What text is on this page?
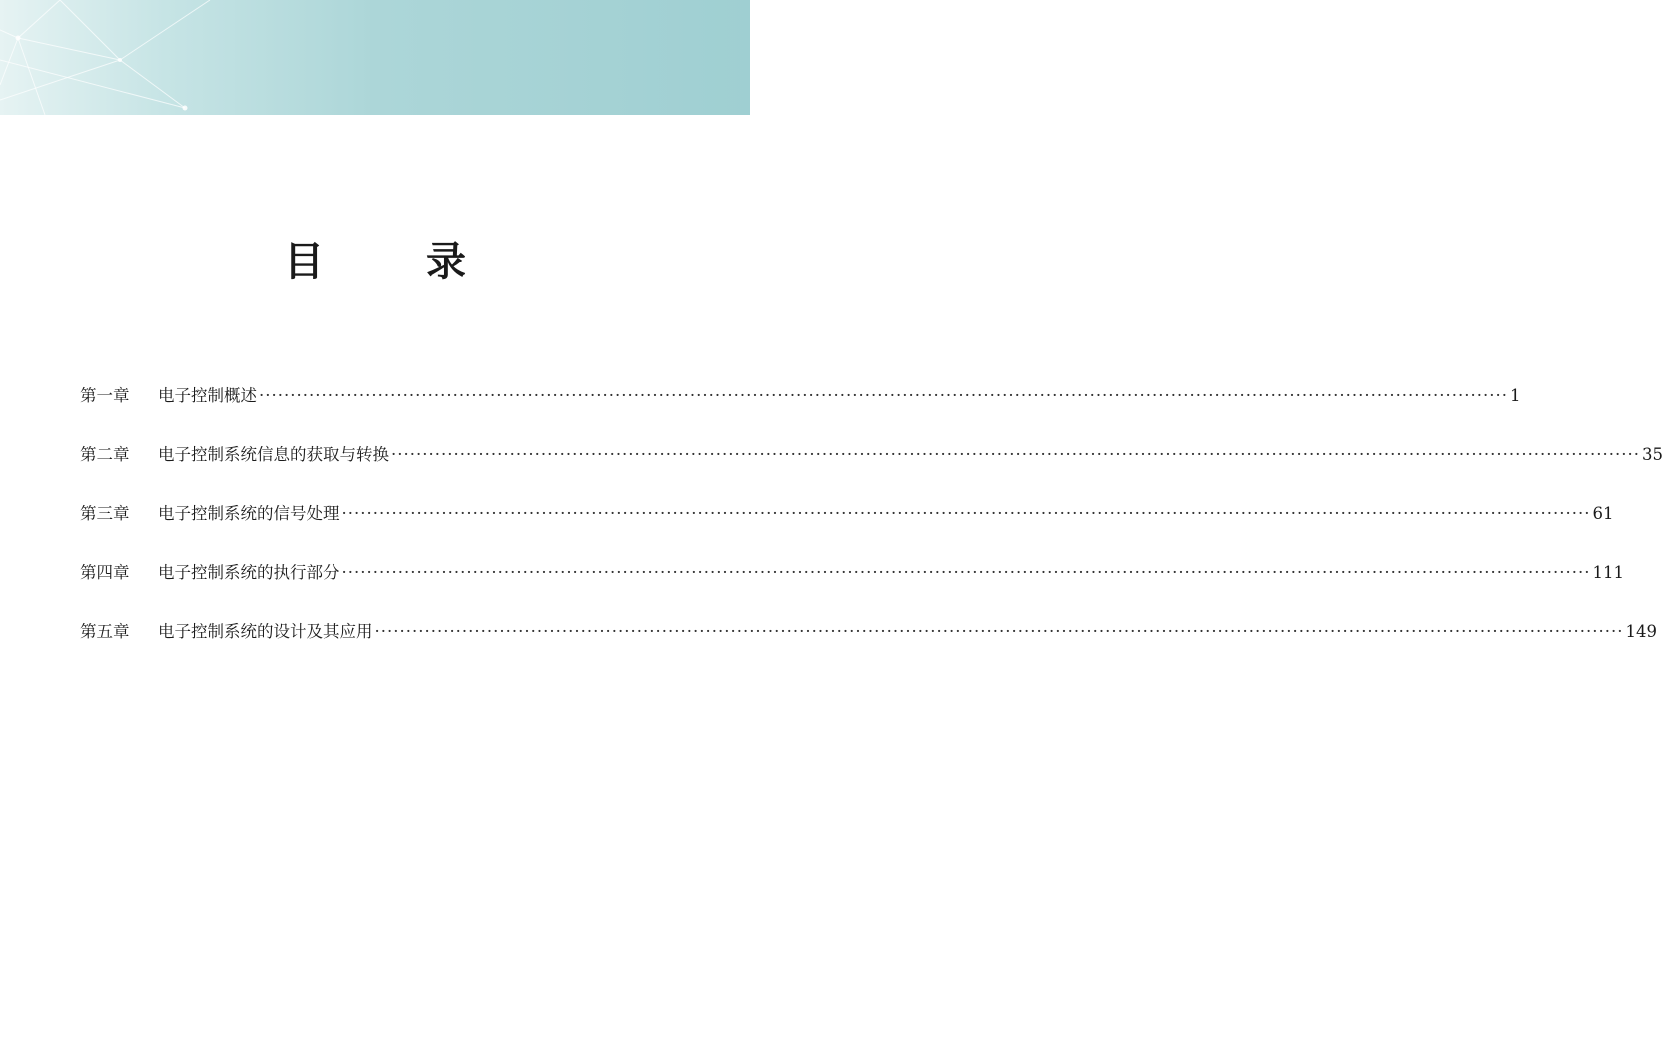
目 录
第一章	电子控制概述 ········································································································································································································ 1
第二章	电子控制系统信息的获取与转换 ········································································································································································································ 35
第三章	电子控制系统的信号处理 ········································································································································································································ 61
第四章	电子控制系统的执行部分 ········································································································································································································ 111
第五章	电子控制系统的设计及其应用 ········································································································································································································ 149
